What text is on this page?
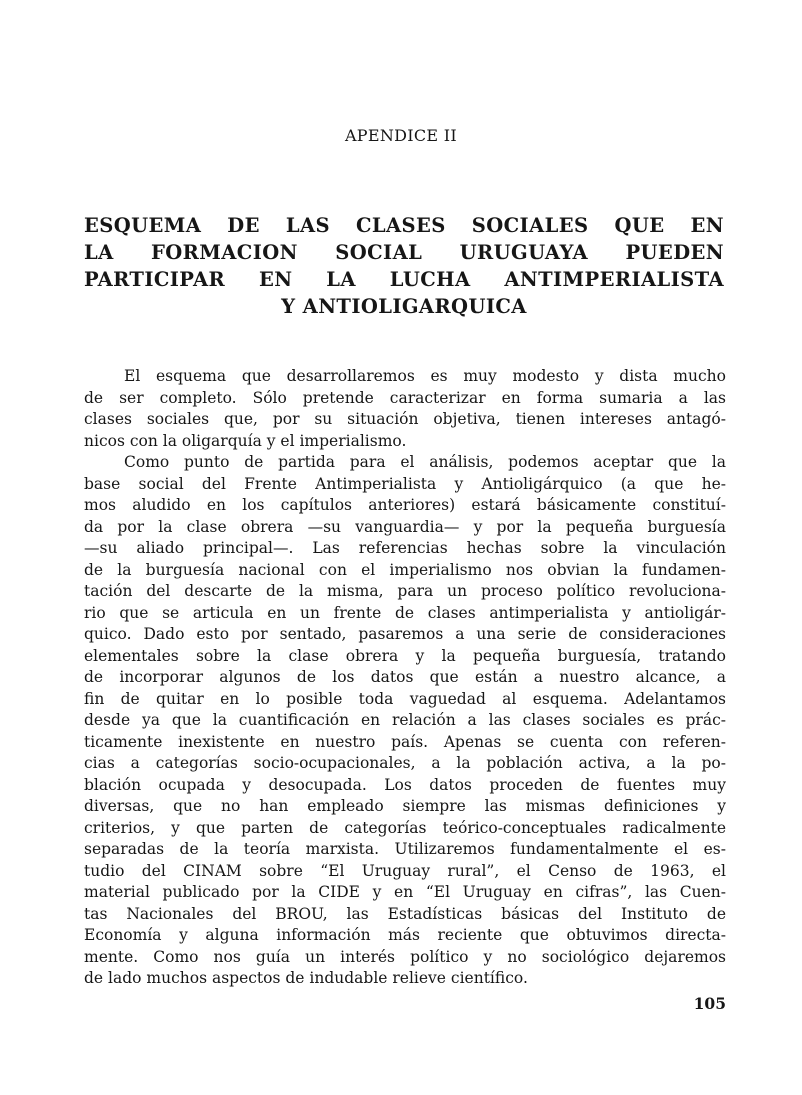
APENDICE II
ESQUEMA DE LAS CLASES SOCIALES QUE EN
LA FORMACION SOCIAL URUGUAYA PUEDEN
PARTICIPAR EN LA LUCHA ANTIMPERIALISTA
Y ANTIOLIGARQUICA
El esquema que desarrollaremos es muy modesto y dista mucho
de ser completo. Sólo pretende caracterizar en forma sumaria a las
clases sociales que, por su situación objetiva, tienen intereses antagó-
nicos con la oligarquía y el imperialismo.
Como punto de partida para el análisis, podemos aceptar que la
base social del Frente Antimperialista y Antioligárquico (a que he-
mos aludido en los capítulos anteriores) estará básicamente constituí-
da por la clase obrera —su vanguardia— y por la pequeña burguesía
—su aliado principal—. Las referencias hechas sobre la vinculación
de la burguesía nacional con el imperialismo nos obvian la fundamen-
tación del descarte de la misma, para un proceso político revoluciona-
rio que se articula en un frente de clases antimperialista y antioligár-
quico. Dado esto por sentado, pasaremos a una serie de consideraciones
elementales sobre la clase obrera y la pequeña burguesía, tratando
de incorporar algunos de los datos que están a nuestro alcance, a
fin de quitar en lo posible toda vaguedad al esquema. Adelantamos
desde ya que la cuantificación en relación a las clases sociales es prác-
ticamente inexistente en nuestro país. Apenas se cuenta con referen-
cias a categorías socio-ocupacionales, a la población activa, a la po-
blación ocupada y desocupada. Los datos proceden de fuentes muy
diversas, que no han empleado siempre las mismas definiciones y
criterios, y que parten de categorías teórico-conceptuales radicalmente
separadas de la teoría marxista. Utilizaremos fundamentalmente el es-
tudio del CINAM sobre “El Uruguay rural”, el Censo de 1963, el
material publicado por la CIDE y en “El Uruguay en cifras”, las Cuen-
tas Nacionales del BROU, las Estadísticas básicas del Instituto de
Economía y alguna información más reciente que obtuvimos directa-
mente. Como nos guía un interés político y no sociológico dejaremos
de lado muchos aspectos de indudable relieve científico.
105
